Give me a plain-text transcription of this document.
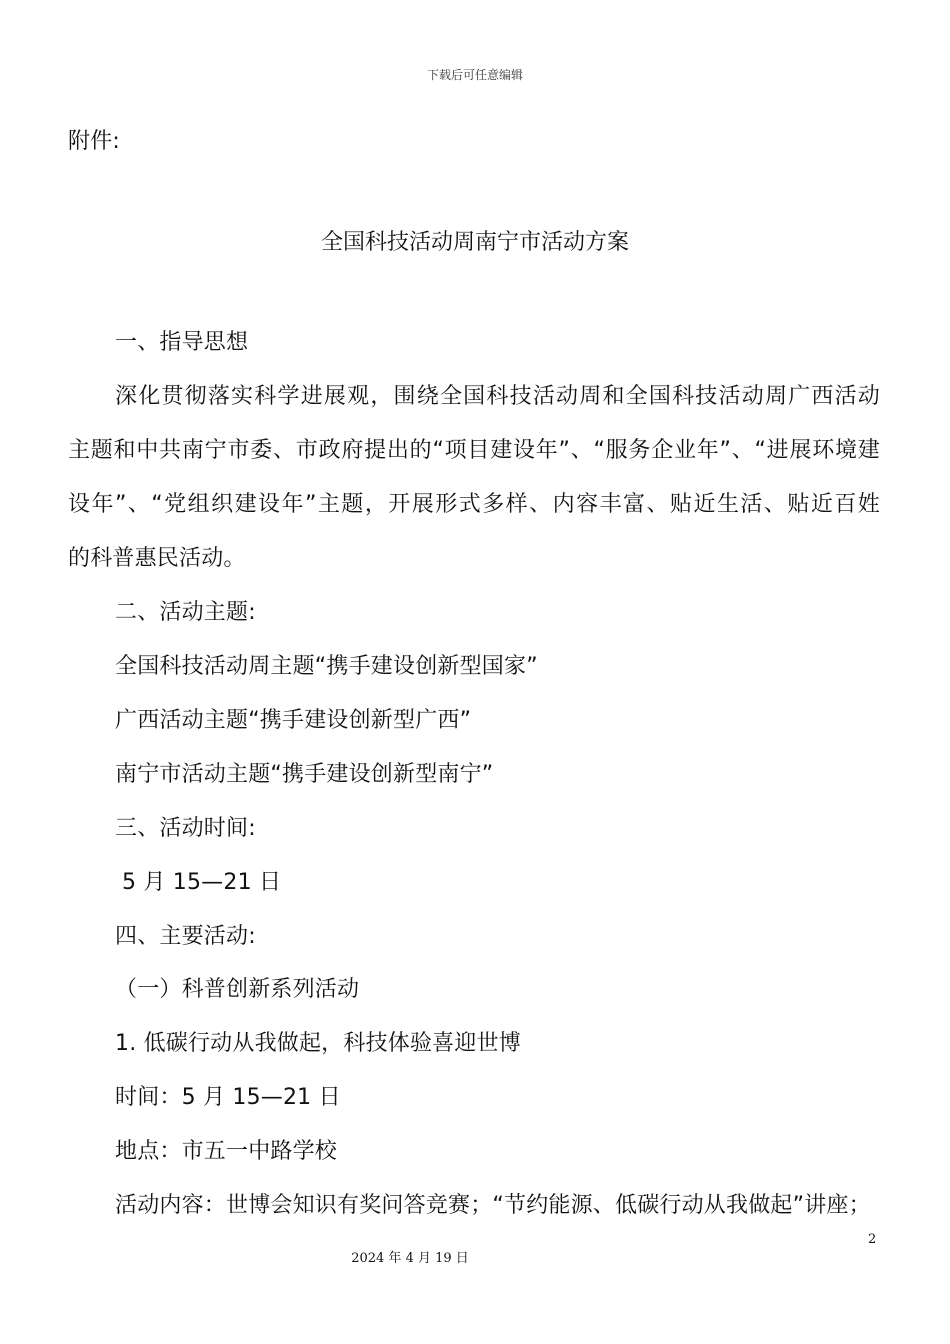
下载后可任意编辑
附件:
全国科技活动周南宁市活动方案
一、指导思想
深化贯彻落实科学进展观，围绕全国科技活动周和全国科技活动周广西活动
主题和中共南宁市委、市政府提出的“项目建设年”、“服务企业年”、“进展环境建
设年”、“党组织建设年”主题，开展形式多样、内容丰富、贴近生活、贴近百姓
的科普惠民活动。
二、活动主题:
全国科技活动周主题“携手建设创新型国家”
广西活动主题“携手建设创新型广西”
南宁市活动主题“携手建设创新型南宁”
三、活动时间:
5 月 15—21 日
四、主要活动:
（一）科普创新系列活动
1. 低碳行动从我做起，科技体验喜迎世博
时间：5 月 15—21 日
地点：市五一中路学校
活动内容：世博会知识有奖问答竞赛；“节约能源、低碳行动从我做起”讲座；
2
2024 年 4 月 19 日
